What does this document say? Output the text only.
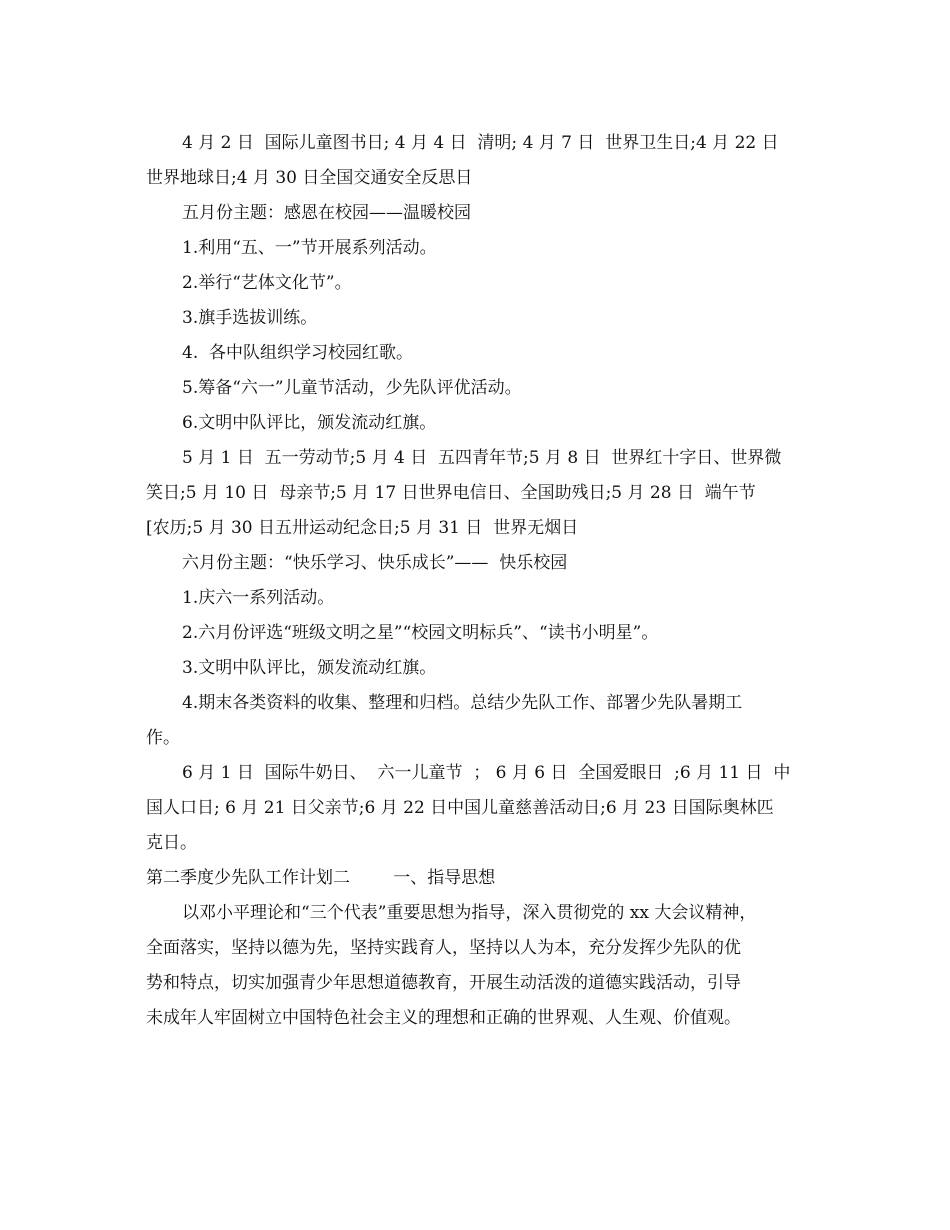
4 月 2 日  国际儿童图书日; 4 月 4 日  清明; 4 月 7 日  世界卫生日;4 月 22 日
世界地球日;4 月 30 日全国交通安全反思日
五月份主题：感恩在校园——温暖校园
1.利用“五、一”节开展系列活动。
2.举行“艺体文化节”。
3.旗手选拔训练。
4.  各中队组织学习校园红歌。
5.筹备“六一”儿童节活动，少先队评优活动。
6.文明中队评比，颁发流动红旗。
5 月 1 日  五一劳动节;5 月 4 日  五四青年节;5 月 8 日  世界红十字日、世界微
笑日;5 月 10 日  母亲节;5 月 17 日世界电信日、全国助残日;5 月 28 日  端午节
[农历;5 月 30 日五卅运动纪念日;5 月 31 日  世界无烟日
六月份主题：“快乐学习、快乐成长”——  快乐校园
1.庆六一系列活动。
2.六月份评选“班级文明之星”“校园文明标兵”、“读书小明星”。
3.文明中队评比，颁发流动红旗。
4.期末各类资料的收集、整理和归档。总结少先队工作、部署少先队暑期工
作。
6 月 1 日  国际牛奶日、  六一儿童节  ； 6 月 6 日  全国爱眼日  ;6 月 11 日  中
国人口日; 6 月 21 日父亲节;6 月 22 日中国儿童慈善活动日;6 月 23 日国际奥林匹
克日。
第二季度少先队工作计划二        一、指导思想
以邓小平理论和“三个代表”重要思想为指导，深入贯彻党的 xx 大会议精神，
全面落实，坚持以德为先，坚持实践育人，坚持以人为本，充分发挥少先队的优
势和特点，切实加强青少年思想道德教育，开展生动活泼的道德实践活动，引导
未成年人牢固树立中国特色社会主义的理想和正确的世界观、人生观、价值观。
